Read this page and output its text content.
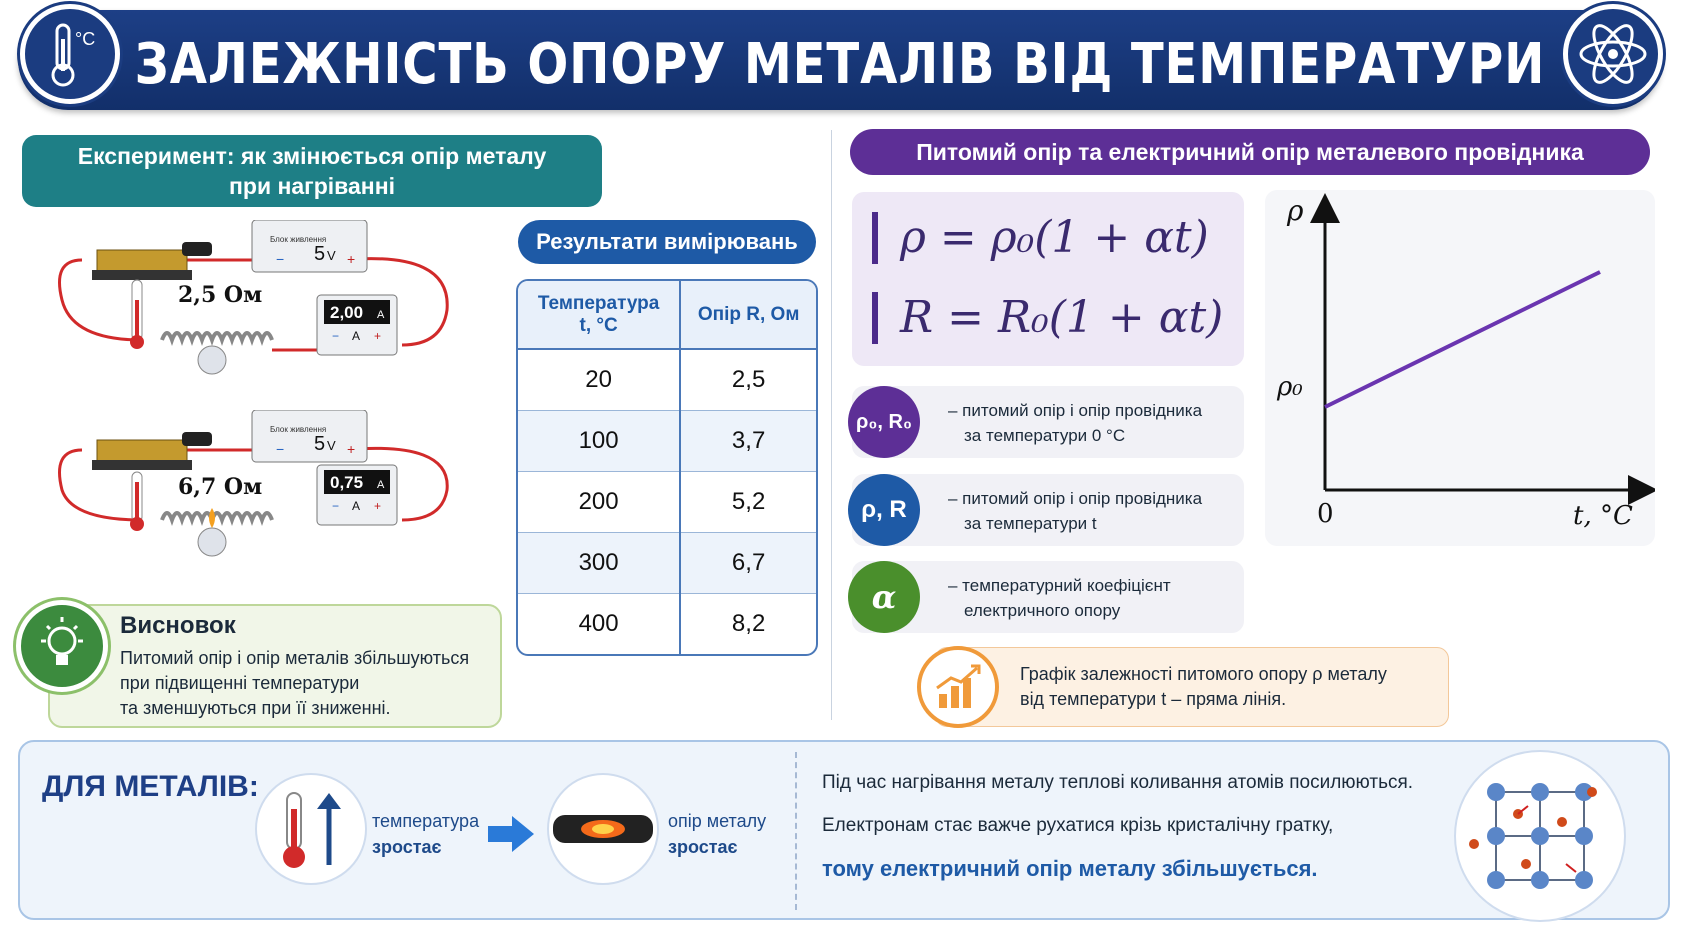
ЗАЛЕЖНІСТЬ ОПОРУ МЕТАЛІВ ВІД ТЕМПЕРАТУРИ
°C
Експеримент: як змінюється опір металу
при нагріванні
Блок живлення
5 V
−	+
2,5 Ом
2,00 A
A
−	+
Блок живлення
5 V
−	+
6,7 Ом	0,75 A
A
−	+
Результати вимірювань
Температура
t, °C	Опір R, Ом
20	2,5
100	3,7
200	5,2
300	6,7
400	8,2
Висновок
Питомий опір і опір металів збільшуються
при підвищенні температури
та зменшуються при її зниженні.
Питомий опір та електричний опір металевого провідника
ρ = ρ₀(1 + αt)
R = R₀(1 + αt)
ρ₀, R₀
– питомий опір і опір провідника
за температури 0 °C
ρ, R	– питомий опір і опір провідника
за температури t
α	– температурний коефіцієнт
електричного опору
ρ
ρ₀
0	t, °C
Графік залежності питомого опору ρ металу
від температури t – пряма лінія.
ДЛЯ МЕТАЛІВ:
температура
зростає
опір металу
зростає
Під час нагрівання металу теплові коливання атомів посилюються.
Електронам стає важче рухатися крізь кристалічну гратку,
тому електричний опір металу збільшується.
